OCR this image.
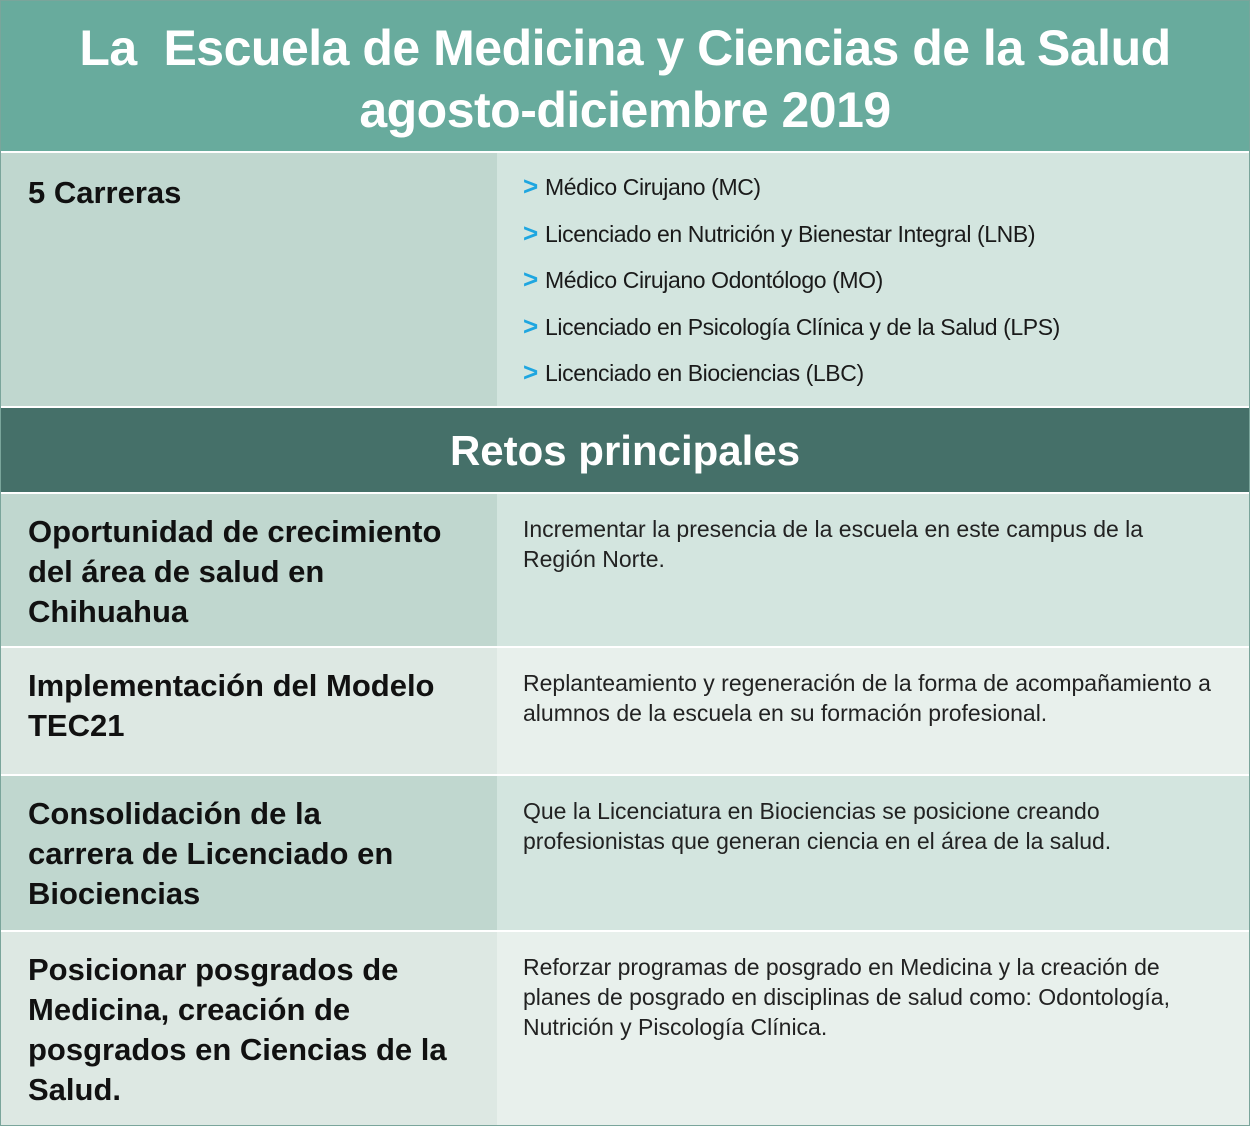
La  Escuela de Medicina y Ciencias de la Salud
agosto-diciembre 2019
5 Carreras	> Médico Cirujano (MC)
> Licenciado en Nutrición y Bienestar Integral (LNB)
> Médico Cirujano Odontólogo (MO)
> Licenciado en Psicología Clínica y de la Salud (LPS)
> Licenciado en Biociencias (LBC)
Retos principales
Oportunidad de crecimiento del área de salud en Chihuahua
Incrementar la presencia de la escuela en este campus de la Región Norte.
Implementación del Modelo TEC21
Replanteamiento y regeneración de la forma de acompañamiento a alumnos de la escuela en su formación profesional.
Consolidación de la carrera de Licenciado en Biociencias
Que la Licenciatura en Biociencias se posicione creando profesionistas que generan ciencia en el área de la salud.
Posicionar posgrados de Medicina, creación de posgrados en Ciencias de la Salud.
Reforzar programas de posgrado en Medicina y la creación de planes de posgrado en disciplinas de salud como: Odontología, Nutrición y Piscología Clínica.
